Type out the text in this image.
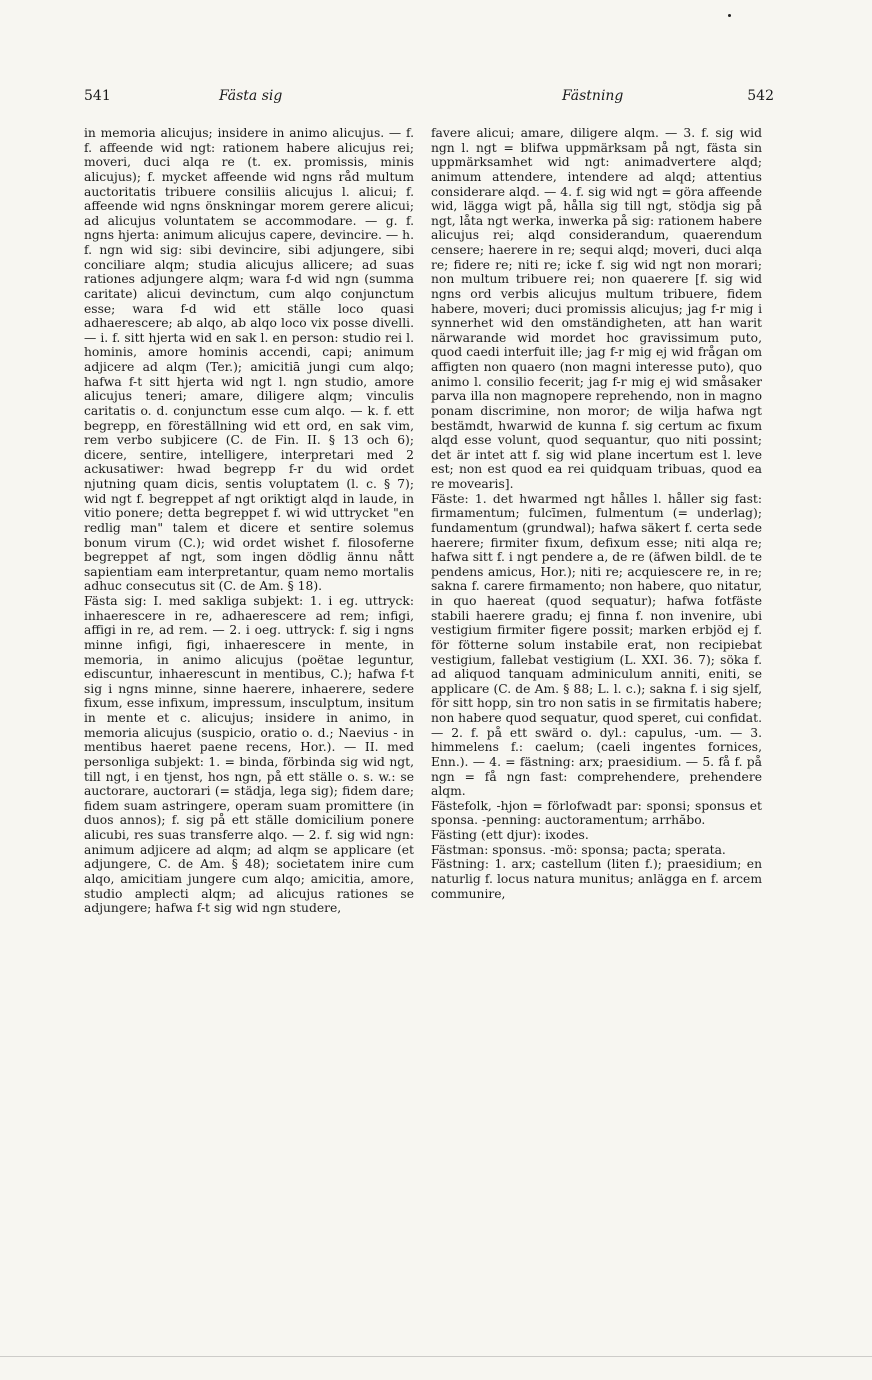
541	Fästa sig	Fästning	542

in memoria alicujus; insidere in animo alicujus. — f. f. affeende wid ngt: rationem habere alicujus rei; moveri, duci alqa re (t. ex. promissis, minis alicujus); f. mycket affeende wid ngns råd multum auctoritatis tribuere consiliis alicujus l. alicui; f. affeende wid ngns önskningar morem gerere alicui; ad alicujus voluntatem se accommodare. — g. f. ngns hjerta: animum alicujus capere, devincire. — h. f. ngn wid sig: sibi devincire, sibi adjungere, sibi conciliare alqm; studia alicujus allicere; ad suas rationes adjungere alqm; wara f-d wid ngn (summa caritate) alicui devinctum, cum alqo conjunctum esse; wara f-d wid ett ställe loco quasi adhaerescere; ab alqo, ab alqo loco vix posse divelli. — i. f. sitt hjerta wid en sak l. en person: studio rei l. hominis, amore hominis accendi, capi; animum adjicere ad alqm (Ter.); amicitiā jungi cum alqo; hafwa f-t sitt hjerta wid ngt l. ngn studio, amore alicujus teneri; amare, diligere alqm; vinculis caritatis o. d. conjunctum esse cum alqo. — k. f. ett begrepp, en föreställning wid ett ord, en sak vim, rem verbo subjicere (C. de Fin. II. § 13 och 6); dicere, sentire, intelligere, interpretari med 2 ackusatiwer: hwad begrepp f-r du wid ordet njutning quam dicis, sentis voluptatem (l. c. § 7); wid ngt f. begreppet af ngt oriktigt alqd in laude, in vitio ponere; detta begreppet f. wi wid uttrycket "en redlig man" talem et dicere et sentire solemus bonum virum (C.); wid ordet wishet f. filosoferne begreppet af ngt, som ingen dödlig ännu nått sapientiam eam interpretantur, quam nemo mortalis adhuc consecutus sit (C. de Am. § 18).

Fästa sig: I. med sakliga subjekt: 1. i eg. uttryck: inhaerescere in re, adhaerescere ad rem; infigi, affigi in re, ad rem. — 2. i oeg. uttryck: f. sig i ngns minne infigi, figi, inhaerescere in mente, in memoria, in animo alicujus (poëtae leguntur, ediscuntur, inhaerescunt in mentibus, C.); hafwa f-t sig i ngns minne, sinne haerere, inhaerere, sedere fixum, esse infixum, impressum, insculptum, insitum in mente et c. alicujus; insidere in animo, in memoria alicujus (suspicio, oratio o. d.; Naevius - in mentibus haeret paene recens, Hor.). — II. med personliga subjekt: 1. = binda, förbinda sig wid ngt, till ngt, i en tjenst, hos ngn, på ett ställe o. s. w.: se auctorare, auctorari (= städja, lega sig); fidem dare; fidem suam astringere, operam suam promittere (in duos annos); f. sig på ett ställe domicilium ponere alicubi, res suas transferre alqo. — 2. f. sig wid ngn: animum adjicere ad alqm; ad alqm se applicare (et adjungere, C. de Am. § 48); societatem inire cum alqo, amicitiam jungere cum alqo; amicitia, amore, studio amplecti alqm; ad alicujus rationes se adjungere; hafwa f-t sig wid ngn studere,

favere alicui; amare, diligere alqm. — 3. f. sig wid ngn l. ngt = blifwa uppmärksam på ngt, fästa sin uppmärksamhet wid ngt: animadvertere alqd; animum attendere, intendere ad alqd; attentius considerare alqd. — 4. f. sig wid ngt = göra affeende wid, lägga wigt på, hålla sig till ngt, stödja sig på ngt, låta ngt werka, inwerka på sig: rationem habere alicujus rei; alqd considerandum, quaerendum censere; haerere in re; sequi alqd; moveri, duci alqa re; fidere re; niti re; icke f. sig wid ngt non morari; non multum tribuere rei; non quaerere [f. sig wid ngns ord verbis alicujus multum tribuere, fidem habere, moveri; duci promissis alicujus; jag f-r mig i synnerhet wid den omständigheten, att han warit närwarande wid mordet hoc gravissimum puto, quod caedi interfuit ille; jag f-r mig ej wid frågan om affigten non quaero (non magni interesse puto), quo animo l. consilio fecerit; jag f-r mig ej wid småsaker parva illa non magnopere reprehendo, non in magno ponam discrimine, non moror; de wilja hafwa ngt bestämdt, hwarwid de kunna f. sig certum ac fixum alqd esse volunt, quod sequantur, quo niti possint; det är intet att f. sig wid plane incertum est l. leve est; non est quod ea rei quidquam tribuas, quod ea re movearis].

Fäste: 1. det hwarmed ngt hålles l. håller sig fast: firmamentum; fulcīmen, fulmentum (= underlag); fundamentum (grundwal); hafwa säkert f. certa sede haerere; firmiter fixum, defixum esse; niti alqa re; hafwa sitt f. i ngt pendere a, de re (äfwen bildl. de te pendens amicus, Hor.); niti re; acquiescere re, in re; sakna f. carere firmamento; non habere, quo nitatur, in quo haereat (quod sequatur); hafwa fotfäste stabili haerere gradu; ej finna f. non invenire, ubi vestigium firmiter figere possit; marken erbjöd ej f. för fötterne solum instabile erat, non recipiebat vestigium, fallebat vestigium (L. XXI. 36. 7); söka f. ad aliquod tanquam adminiculum anniti, eniti, se applicare (C. de Am. § 88; L. l. c.); sakna f. i sig sjelf, för sitt hopp, sin tro non satis in se firmitatis habere; non habere quod sequatur, quod speret, cui confidat. — 2. f. på ett swärd o. dyl.: capulus, -um. — 3. himmelens f.: caelum; (caeli ingentes fornices, Enn.). — 4. = fästning: arx; praesidium. — 5. få f. på ngn = få ngn fast: comprehendere, prehendere alqm.

Fästefolk, -hjon = förlofwadt par: sponsi; sponsus et sponsa. -penning: auctoramentum; arrhăbo.

Fästing (ett djur): ixodes.

Fästman: sponsus. -mö: sponsa; pacta; sperata.

Fästning: 1. arx; castellum (liten f.); praesidium; en naturlig f. locus natura munitus; anlägga en f. arcem communire,
